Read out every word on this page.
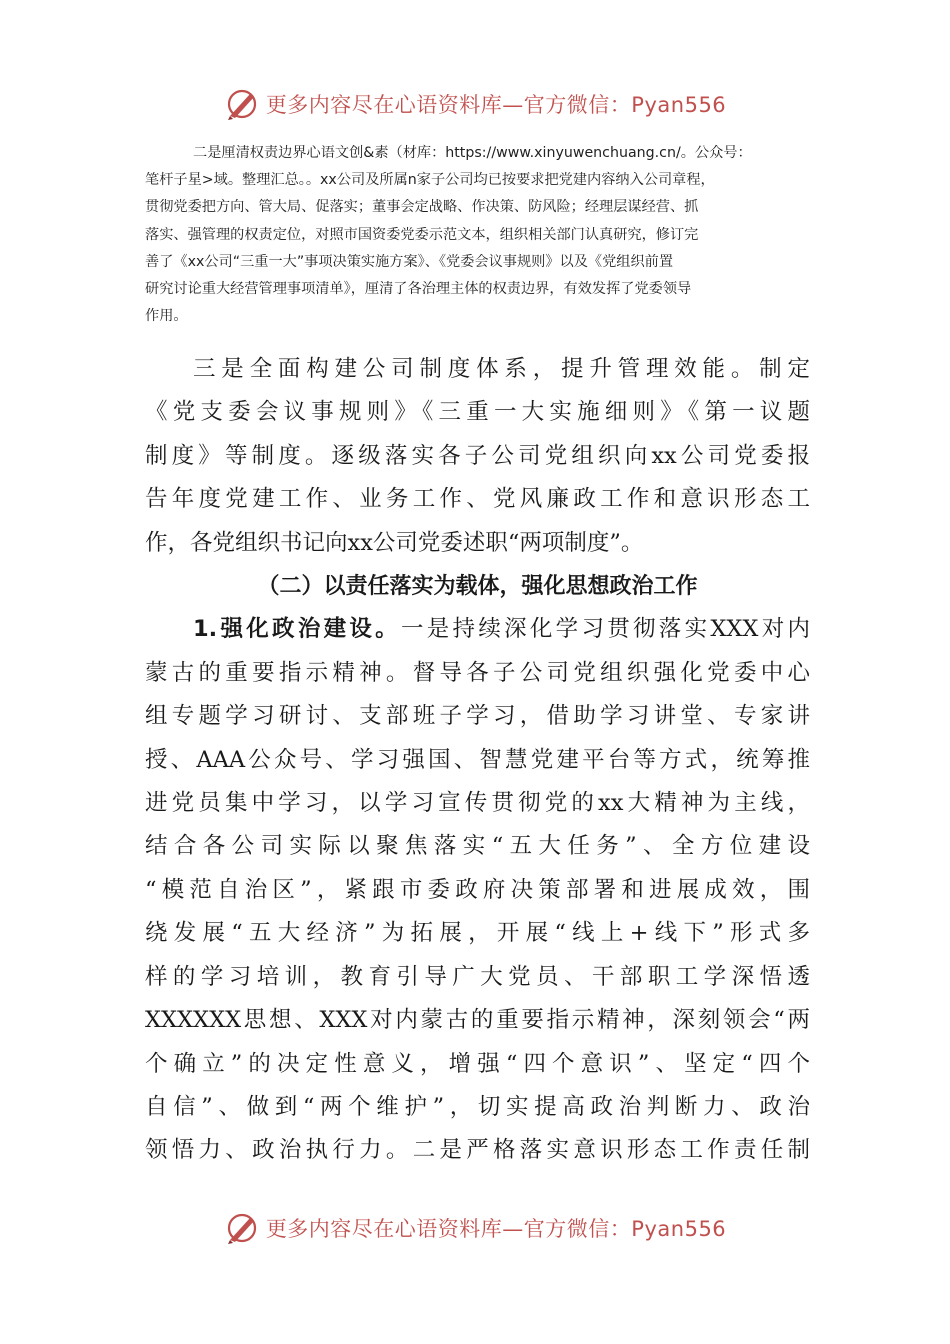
更多内容尽在心语资料库—官方微信：Pyan556
二是厘清权责边界心语文创&素（材库：https://www.xinyuwenchuang.cn/。公众号：
笔杆子星>域。整理汇总。。xx公司及所属n家子公司均已按要求把党建内容纳入公司章程，
贯彻党委把方向、管大局、促落实；董事会定战略、作决策、防风险；经理层谋经营、抓
落实、强管理的权责定位，对照市国资委党委示范文本，组织相关部门认真研究，修订完
善了《xx公司“三重一大”事项决策实施方案》、《党委会议事规则》以及《党组织前置
研究讨论重大经营管理事项清单》，厘清了各治理主体的权责边界，有效发挥了党委领导
作用。
三是全面构建公司制度体系，提升管理效能。制定
《党支委会议事规则》《三重一大实施细则》《第一议题
制度》等制度。逐级落实各子公司党组织向xx公司党委报
告年度党建工作、业务工作、党风廉政工作和意识形态工
作，各党组织书记向xx公司党委述职“两项制度”。
（二）以责任落实为载体，强化思想政治工作
1.强化政治建设。一是持续深化学习贯彻落实XXX对内
蒙古的重要指示精神。督导各子公司党组织强化党委中心
组专题学习研讨、支部班子学习，借助学习讲堂、专家讲
授、AAA公众号、学习强国、智慧党建平台等方式，统筹推
进党员集中学习，以学习宣传贯彻党的xx大精神为主线，
结合各公司实际以聚焦落实“五大任务”、全方位建设
“模范自治区”，紧跟市委政府决策部署和进展成效，围
绕发展“五大经济”为拓展，开展“线上+线下”形式多
样的学习培训，教育引导广大党员、干部职工学深悟透
XXXXXX思想、XXX对内蒙古的重要指示精神，深刻领会“两
个确立”的决定性意义，增强“四个意识”、坚定“四个
自信”、做到“两个维护”，切实提高政治判断力、政治
领悟力、政治执行力。二是严格落实意识形态工作责任制
更多内容尽在心语资料库—官方微信：Pyan556
